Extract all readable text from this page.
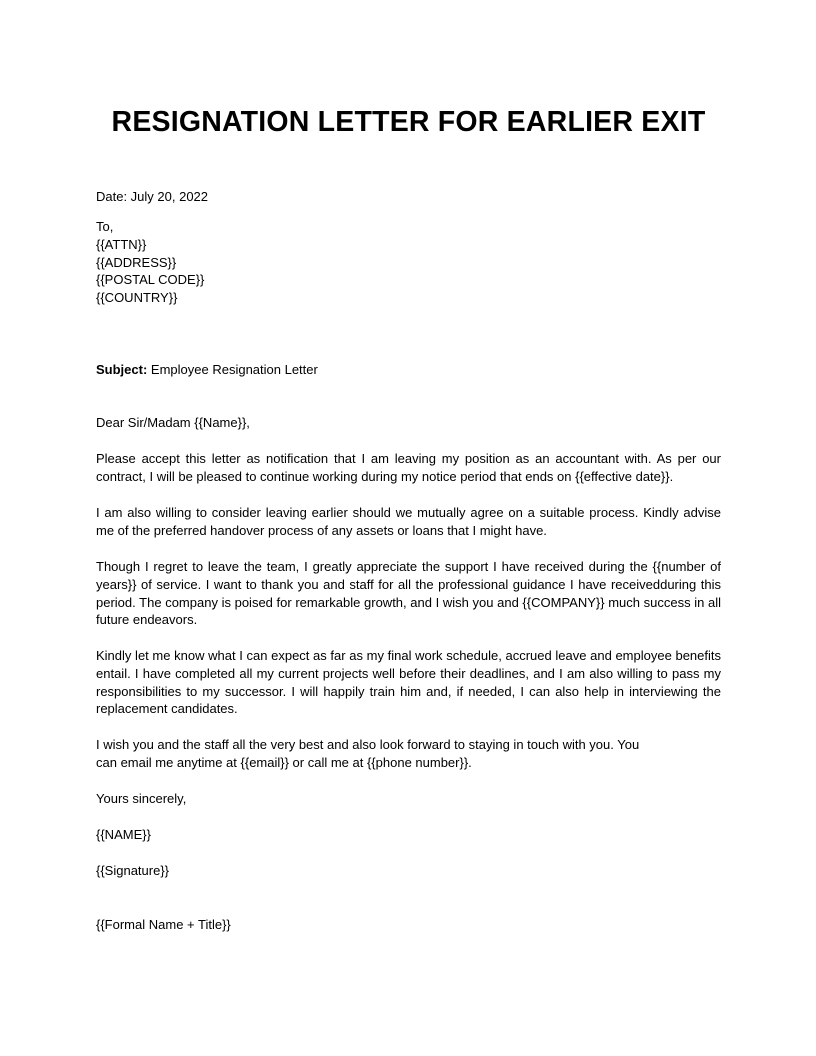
RESIGNATION LETTER FOR EARLIER EXIT
Date: July 20, 2022
To,
{{ATTN}}
{{ADDRESS}}
{{POSTAL CODE}}
{{COUNTRY}}
Subject: Employee Resignation Letter
Dear Sir/Madam {{Name}},
Please accept this letter as notification that I am leaving my position as an accountant with. As per our contract, I will be pleased to continue working during my notice period that ends on {{effective date}}.
I am also willing to consider leaving earlier should we mutually agree on a suitable process. Kindly advise me of the preferred handover process of any assets or loans that I might have.
Though I regret to leave the team, I greatly appreciate the support I have received during the {{number of years}} of service. I want to thank you and staff for all the professional guidance I have receivedduring this period. The company is poised for remarkable growth, and I wish you and {{COMPANY}} much success in all future endeavors.
Kindly let me know what I can expect as far as my final work schedule, accrued leave and employee benefits entail. I have completed all my current projects well before their deadlines, and I am also willing to pass my responsibilities to my successor. I will happily train him and, if needed, I can also help in interviewing the replacement candidates.
I wish you and the staff all the very best and also look forward to staying in touch with you. You
can email me anytime at {{email}} or call me at {{phone number}}.
Yours sincerely,
{{NAME}}
{{Signature}}
{{Formal Name + Title}}
